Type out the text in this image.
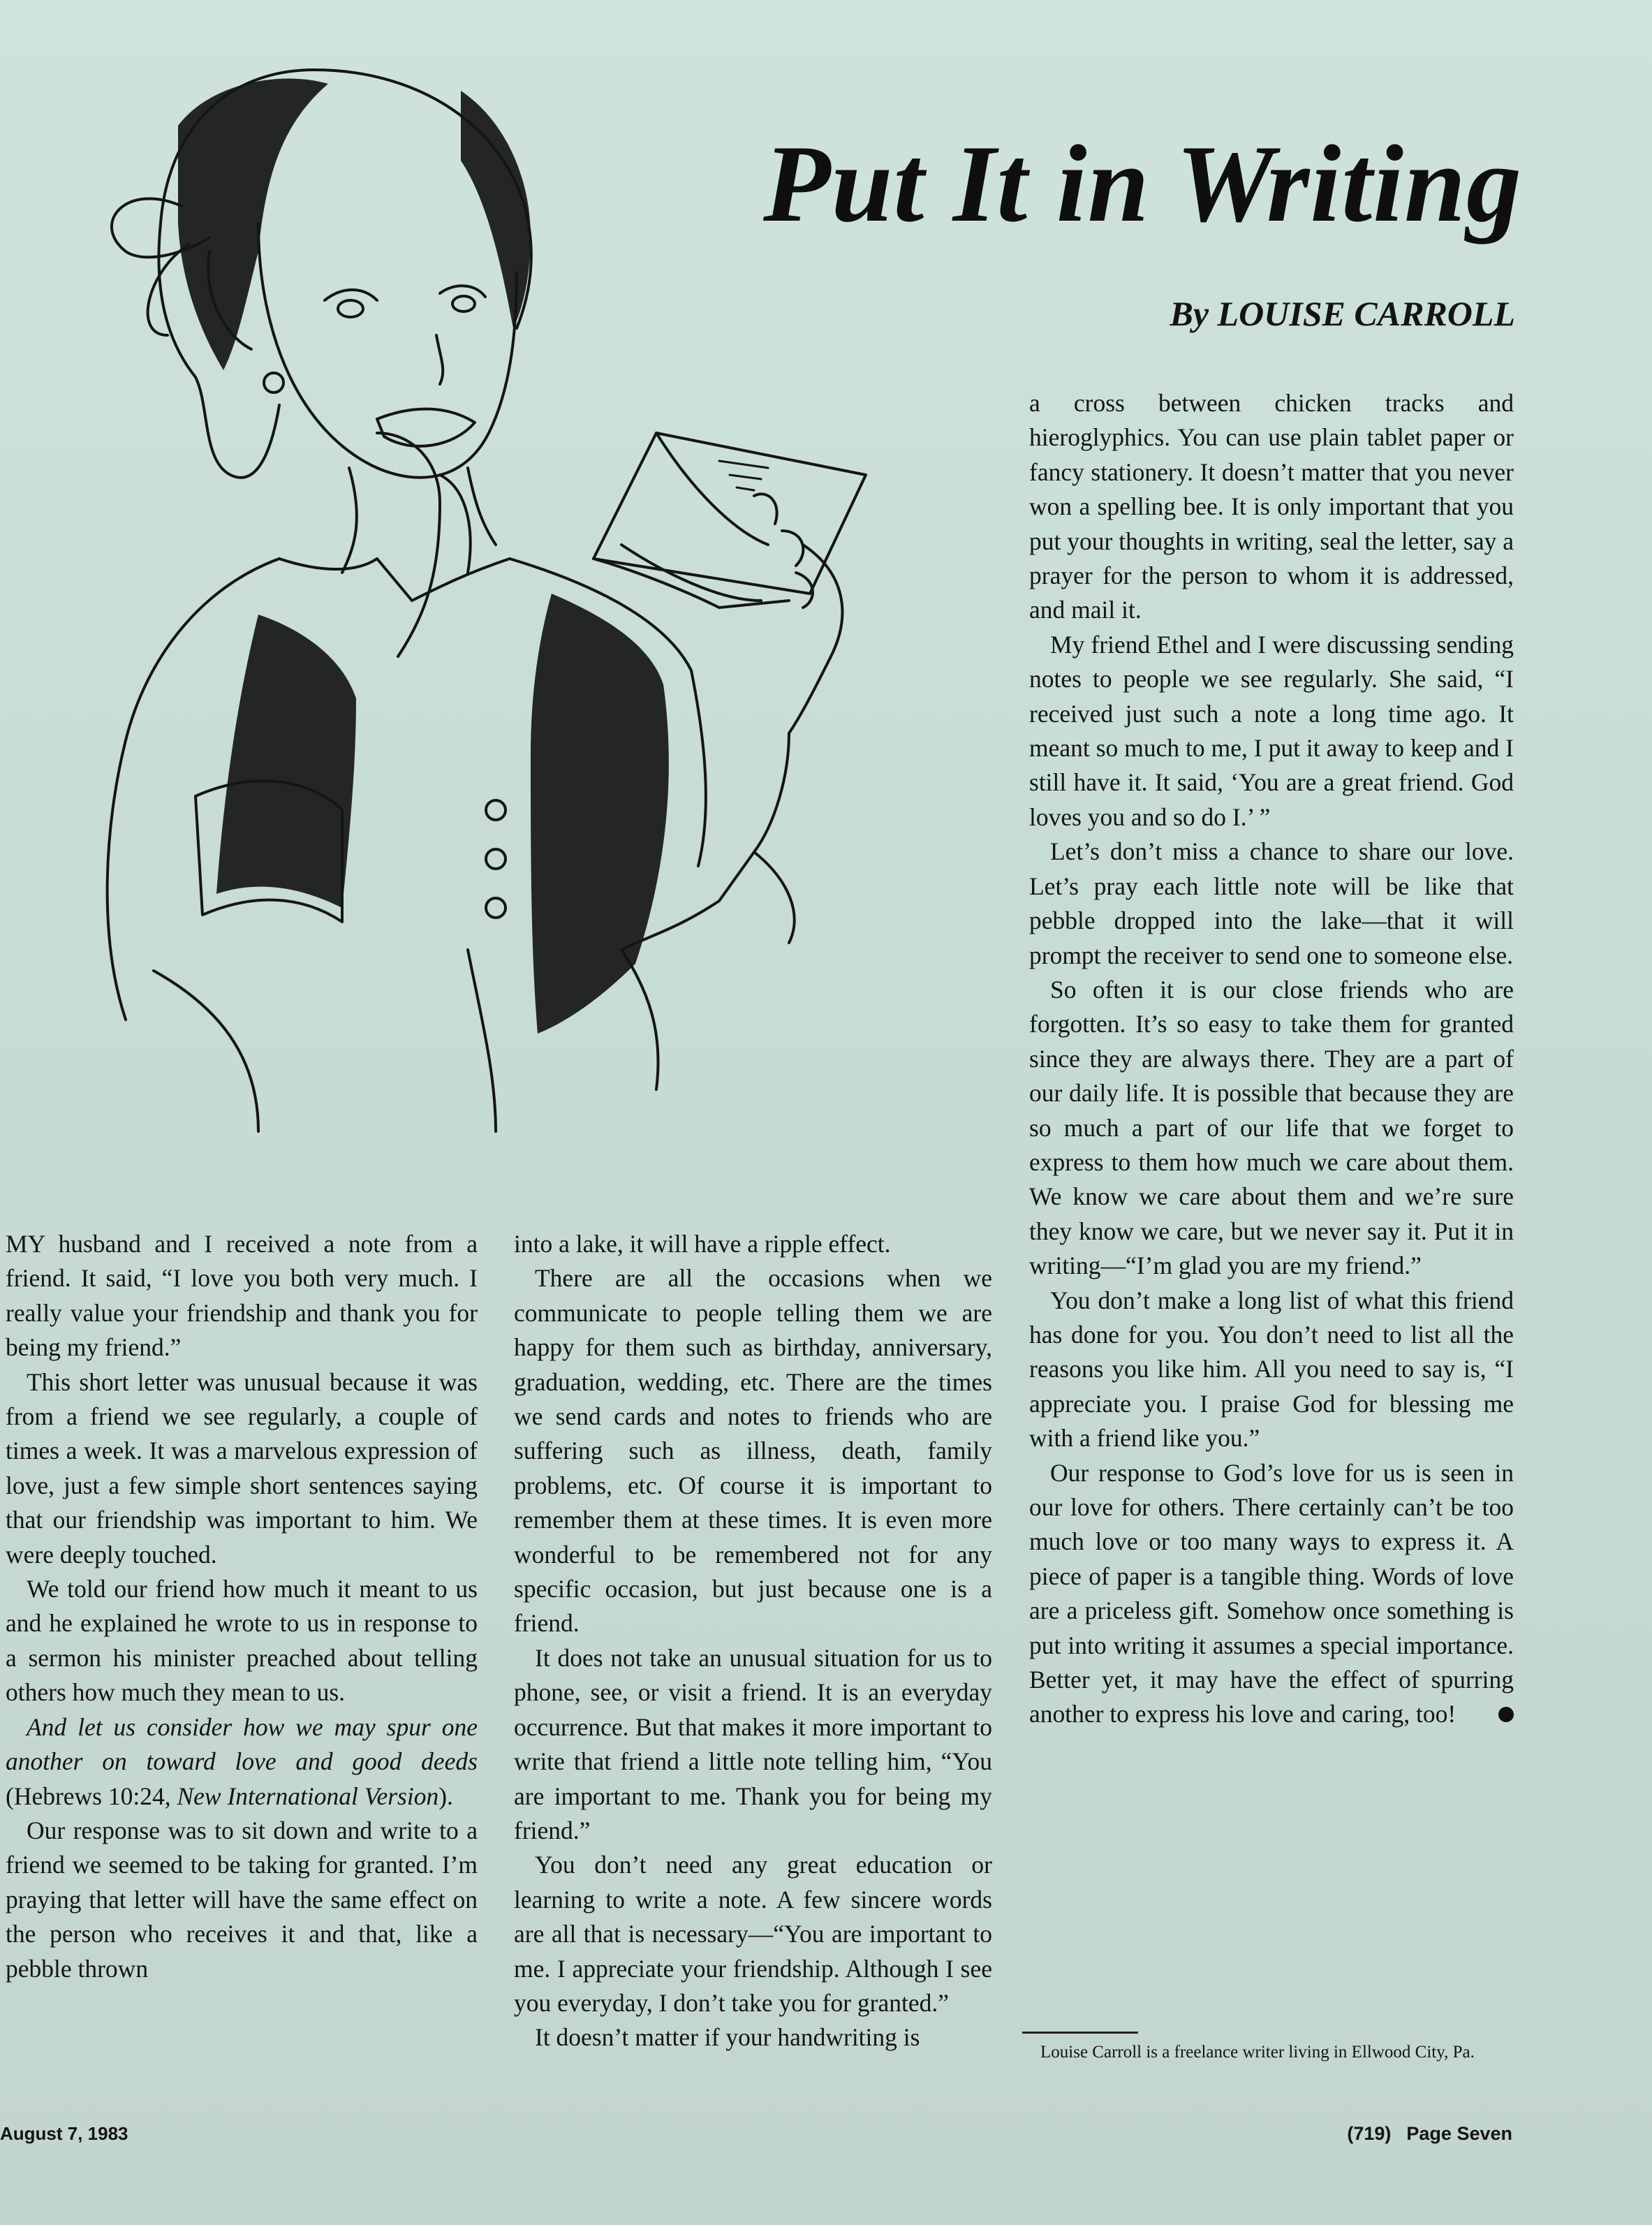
Put It in Writing

By LOUISE CARROLL

MY husband and I received a note from a friend. It said, “I love you both very much. I really value your friendship and thank you for being my friend.”

This short letter was unusual because it was from a friend we see regularly, a couple of times a week. It was a marvelous expression of love, just a few simple short sentences saying that our friendship was important to him. We were deeply touched.

We told our friend how much it meant to us and he explained he wrote to us in response to a sermon his minister preached about telling others how much they mean to us.

And let us consider how we may spur one another on toward love and good deeds (Hebrews 10:24, New International Version).

Our response was to sit down and write to a friend we seemed to be taking for granted. I’m praying that letter will have the same effect on the person who receives it and that, like a pebble thrown

into a lake, it will have a ripple effect.

There are all the occasions when we communicate to people telling them we are happy for them such as birthday, anniversary, graduation, wedding, etc. There are the times we send cards and notes to friends who are suffering such as illness, death, family problems, etc. Of course it is important to remember them at these times. It is even more wonderful to be remembered not for any specific occasion, but just because one is a friend.

It does not take an unusual situation for us to phone, see, or visit a friend. It is an everyday occurrence. But that makes it more important to write that friend a little note telling him, “You are important to me. Thank you for being my friend.”

You don’t need any great education or learning to write a note. A few sincere words are all that is necessary—“You are important to me. I appreciate your friendship. Although I see you everyday, I don’t take you for granted.”

It doesn’t matter if your handwriting is

a cross between chicken tracks and hieroglyphics. You can use plain tablet paper or fancy stationery. It doesn’t matter that you never won a spelling bee. It is only important that you put your thoughts in writing, seal the letter, say a prayer for the person to whom it is addressed, and mail it.

My friend Ethel and I were discussing sending notes to people we see regularly. She said, “I received just such a note a long time ago. It meant so much to me, I put it away to keep and I still have it. It said, ‘You are a great friend. God loves you and so do I.’ ”

Let’s don’t miss a chance to share our love. Let’s pray each little note will be like that pebble dropped into the lake—that it will prompt the receiver to send one to someone else.

So often it is our close friends who are forgotten. It’s so easy to take them for granted since they are always there. They are a part of our daily life. It is possible that because they are so much a part of our life that we forget to express to them how much we care about them. We know we care about them and we’re sure they know we care, but we never say it. Put it in writing—“I’m glad you are my friend.”

You don’t make a long list of what this friend has done for you. You don’t need to list all the reasons you like him. All you need to say is, “I appreciate you. I praise God for blessing me with a friend like you.”

Our response to God’s love for us is seen in our love for others. There certainly can’t be too much love or too many ways to express it. A piece of paper is a tangible thing. Words of love are a priceless gift. Somehow once something is put into writing it assumes a special importance. Better yet, it may have the effect of spurring another to express his love and caring, too!

Louise Carroll is a freelance writer living in Ellwood City, Pa.

August 7, 1983	(719) Page Seven
